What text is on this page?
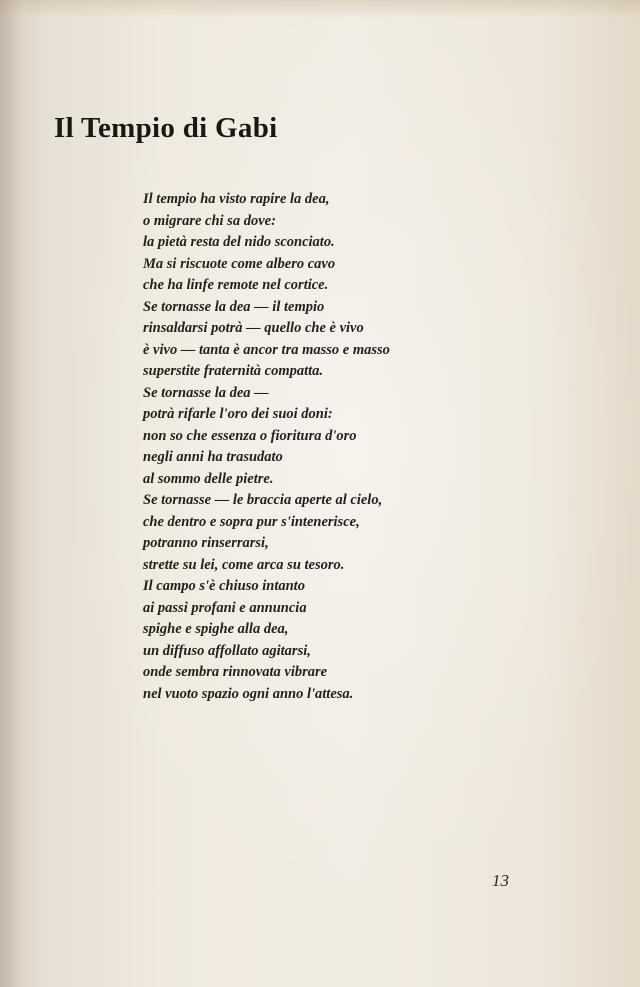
Il Tempio di Gabi
Il tempio ha visto rapire la dea,
o migrare chi sa dove:
la pietà resta del nido sconciato.
Ma si riscuote come albero cavo
che ha linfe remote nel cortice.
Se tornasse la dea — il tempio
rinsaldarsi potrà — quello che è vivo
è vivo — tanta è ancor tra masso e masso
superstite fraternità compatta.
Se tornasse la dea —
potrà rifarle l'oro dei suoi doni:
non so che essenza o fioritura d'oro
negli anni ha trasudato
al sommo delle pietre.
Se tornasse — le braccia aperte al cielo,
che dentro e sopra pur s'intenerisce,
potranno rinserrarsi,
strette su lei, come arca su tesoro.
Il campo s'è chiuso intanto
ai passi profani e annuncia
spighe e spighe alla dea,
un diffuso affollato agitarsi,
onde sembra rinnovata vibrare
nel vuoto spazio ogni anno l'attesa.
13
